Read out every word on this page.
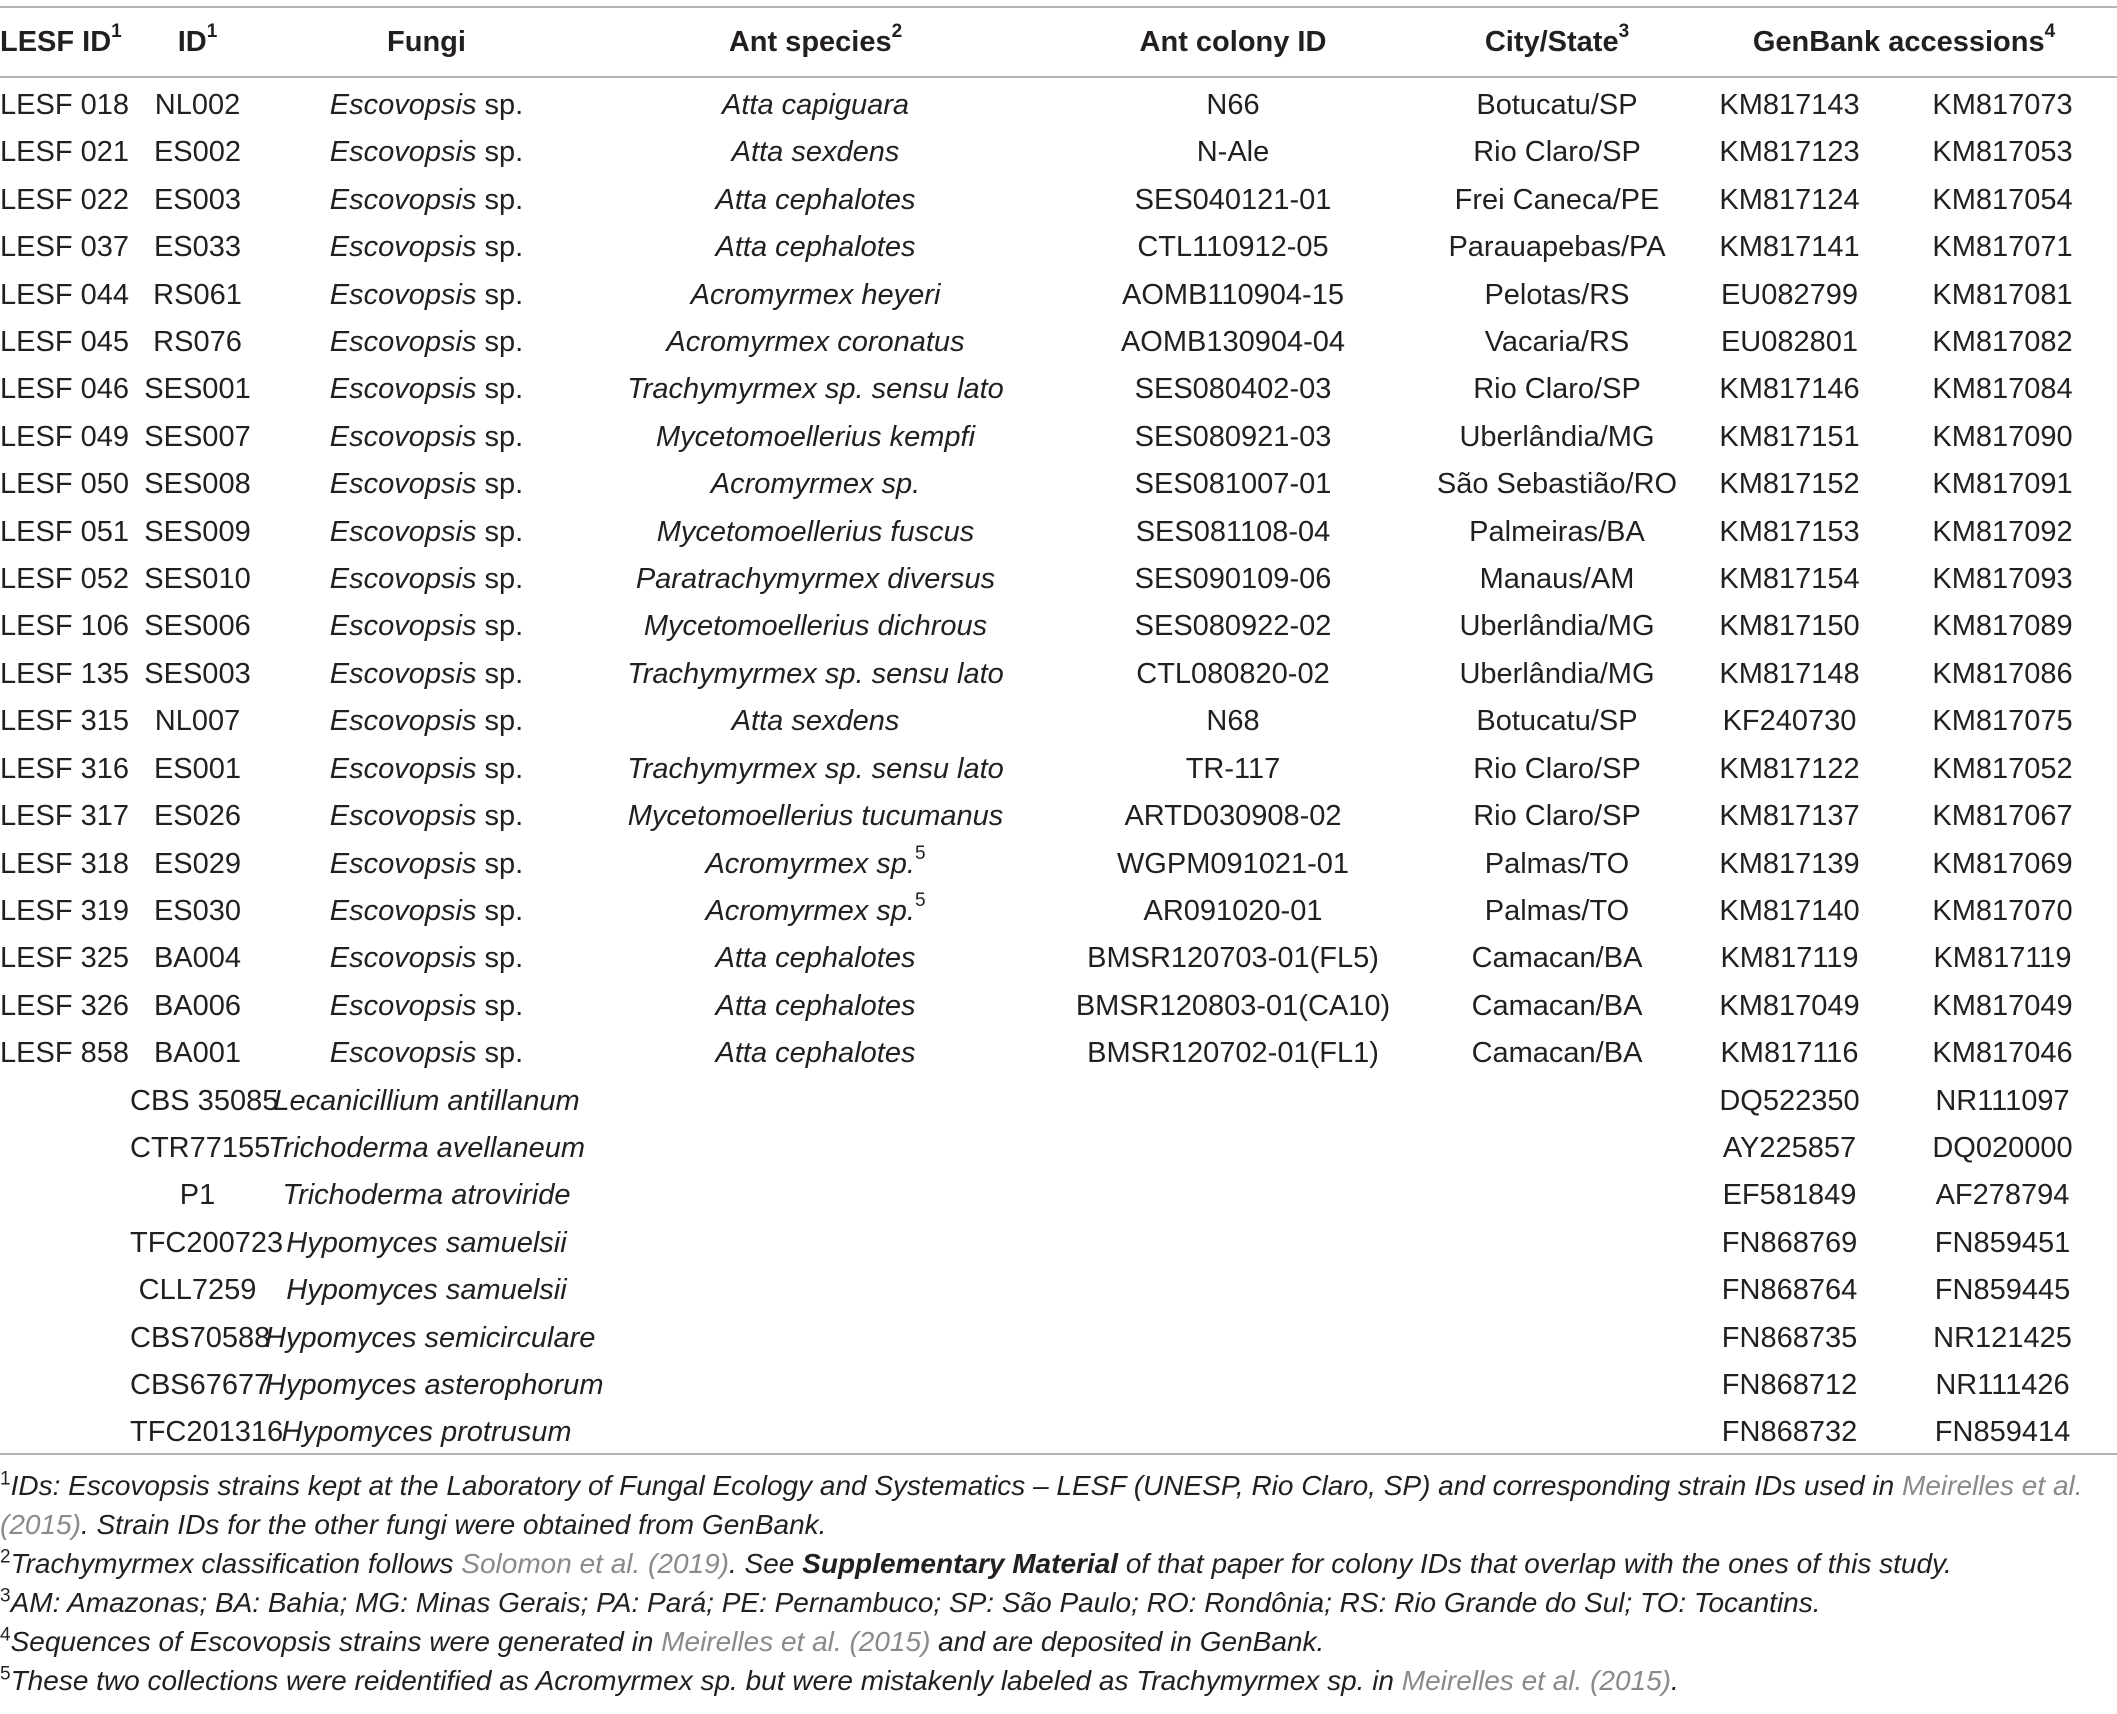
LESF $ID^1$	$ID^1$	Fungi	Ant species$^2$	Ant colony ID	City/State$^3$	GenBank accessions$^4$
LESF 018	NL002	Escovopsis sp.	Atta capiguara	N66	Botucatu/SP	KM817143	KM817073
LESF 021	ES002	Escovopsis sp.	Atta sexdens	N-Ale	Rio Claro/SP	KM817123	KM817053
LESF 022	ES003	Escovopsis sp.	Atta cephalotes	SES040121-01	Frei Caneca/PE	KM817124	KM817054
LESF 037	ES033	Escovopsis sp.	Atta cephalotes	CTL110912-05	Parauapebas/PA	KM817141	KM817071
LESF 044	RS061	Escovopsis sp.	Acromyrmex heyeri	AOMB110904-15	Pelotas/RS	EU082799	KM817081
LESF 045	RS076	Escovopsis sp.	Acromyrmex coronatus	AOMB130904-04	Vacaria/RS	EU082801	KM817082
LESF 046	SES001	Escovopsis sp.	Trachymyrmex sp. sensu lato	SES080402-03	Rio Claro/SP	KM817146	KM817084
LESF 049	SES007	Escovopsis sp.	Mycetomoellerius kempfi	SES080921-03	Uberlândia/MG	KM817151	KM817090
LESF 050	SES008	Escovopsis sp.	Acromyrmex sp.	SES081007-01	São Sebastião/RO	KM817152	KM817091
LESF 051	SES009	Escovopsis sp.	Mycetomoellerius fuscus	SES081108-04	Palmeiras/BA	KM817153	KM817092
LESF 052	SES010	Escovopsis sp.	Paratrachymyrmex diversus	SES090109-06	Manaus/AM	KM817154	KM817093
LESF 106	SES006	Escovopsis sp.	Mycetomoellerius dichrous	SES080922-02	Uberlândia/MG	KM817150	KM817089
LESF 135	SES003	Escovopsis sp.	Trachymyrmex sp. sensu lato	CTL080820-02	Uberlândia/MG	KM817148	KM817086
LESF 315	NL007	Escovopsis sp.	Atta sexdens	N68	Botucatu/SP	KF240730	KM817075
LESF 316	ES001	Escovopsis sp.	Trachymyrmex sp. sensu lato	TR-117	Rio Claro/SP	KM817122	KM817052
LESF 317	ES026	Escovopsis sp.	Mycetomoellerius tucumanus	ARTD030908-02	Rio Claro/SP	KM817137	KM817067
LESF 318	ES029	Escovopsis sp.	Acromyrmex sp.$^5$	WGPM091021-01	Palmas/TO	KM817139	KM817069
LESF 319	ES030	Escovopsis sp.	Acromyrmex sp.$^5$	AR091020-01	Palmas/TO	KM817140	KM817070
LESF 325	BA004	Escovopsis sp.	Atta cephalotes	BMSR120703-01(FL5)	Camacan/BA	KM817119	KM817119
LESF 326	BA006	Escovopsis sp.	Atta cephalotes	BMSR120803-01(CA10)	Camacan/BA	KM817049	KM817049
LESF 858	BA001	Escovopsis sp.	Atta cephalotes	BMSR120702-01(FL1)	Camacan/BA	KM817116	KM817046
	CBS 35085	Lecanicillium antillanum				DQ522350	NR111097
	CTR77155	Trichoderma avellaneum				AY225857	DQ020000
	P1	Trichoderma atroviride				EF581849	AF278794
	TFC200723	Hypomyces samuelsii				FN868769	FN859451
	CLL7259	Hypomyces samuelsii				FN868764	FN859445
	CBS70588	Hypomyces semicirculare				FN868735	NR121425
	CBS67677	Hypomyces asterophorum				FN868712	NR111426
	TFC201316	Hypomyces protrusum				FN868732	FN859414
$^1$IDs: Escovopsis strains kept at the Laboratory of Fungal Ecology and Systematics – LESF (UNESP, Rio Claro, SP) and corresponding strain IDs used in Meirelles et al.
(2015). Strain IDs for the other fungi were obtained from GenBank.
$^2$Trachymyrmex classification follows Solomon et al. (2019). See Supplementary Material of that paper for colony IDs that overlap with the ones of this study.
$^3$AM: Amazonas; BA: Bahia; MG: Minas Gerais; PA: Pará; PE: Pernambuco; SP: São Paulo; RO: Rondônia; RS: Rio Grande do Sul; TO: Tocantins.
$^4$Sequences of Escovopsis strains were generated in Meirelles et al. (2015) and are deposited in GenBank.
$^5$These two collections were reidentified as Acromyrmex sp. but were mistakenly labeled as Trachymyrmex sp. in Meirelles et al. (2015).
